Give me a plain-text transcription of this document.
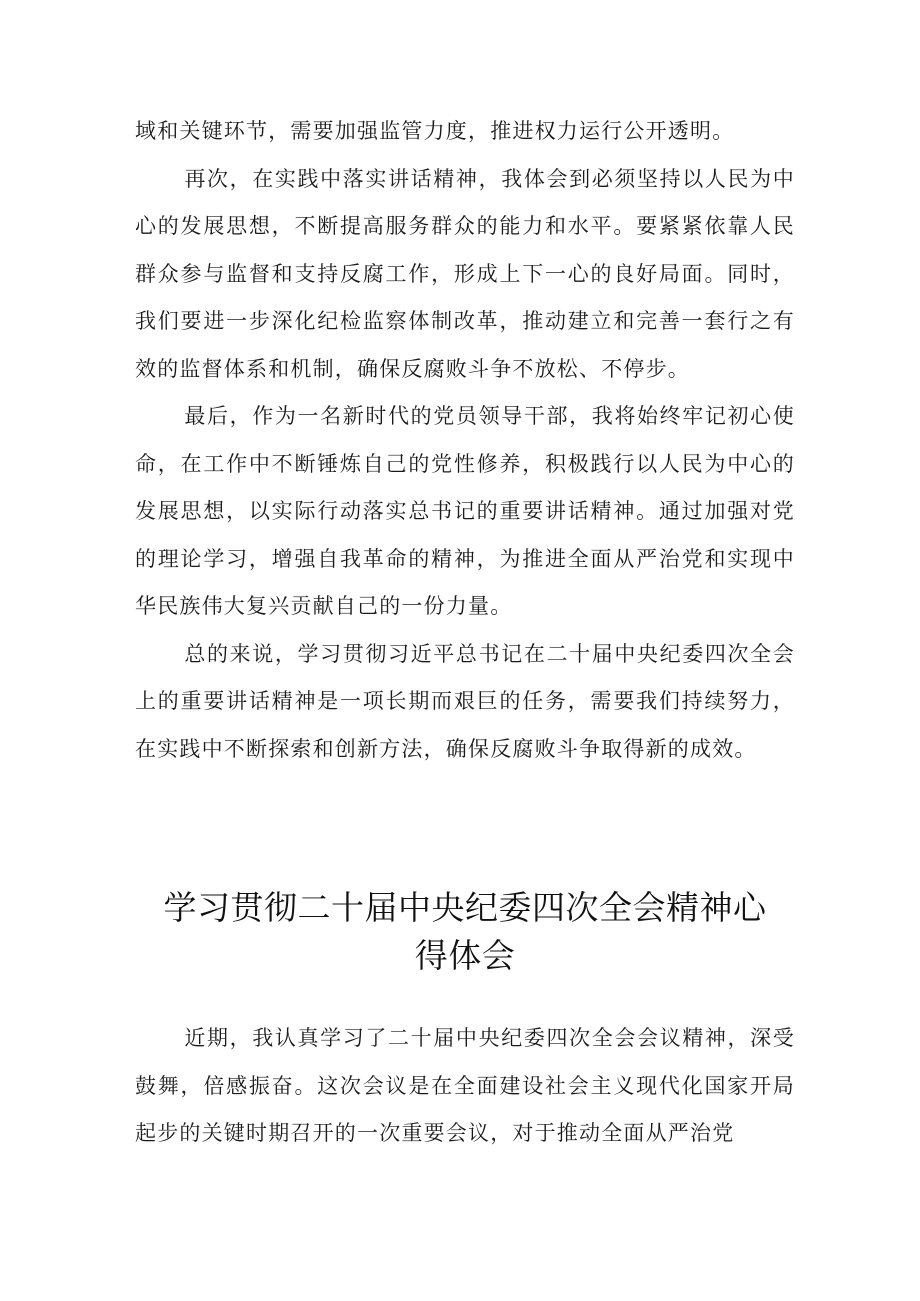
域和关键环节，需要加强监管力度，推进权力运行公开透明。

再次，在实践中落实讲话精神，我体会到必须坚持以人民为中心的发展思想，不断提高服务群众的能力和水平。要紧紧依靠人民群众参与监督和支持反腐工作，形成上下一心的良好局面。同时，我们要进一步深化纪检监察体制改革，推动建立和完善一套行之有效的监督体系和机制，确保反腐败斗争不放松、不停步。

最后，作为一名新时代的党员领导干部，我将始终牢记初心使命，在工作中不断锤炼自己的党性修养，积极践行以人民为中心的发展思想，以实际行动落实总书记的重要讲话精神。通过加强对党的理论学习，增强自我革命的精神，为推进全面从严治党和实现中华民族伟大复兴贡献自己的一份力量。

总的来说，学习贯彻习近平总书记在二十届中央纪委四次全会上的重要讲话精神是一项长期而艰巨的任务，需要我们持续努力，在实践中不断探索和创新方法，确保反腐败斗争取得新的成效。

学习贯彻二十届中央纪委四次全会精神心
得体会

近期，我认真学习了二十届中央纪委四次全会会议精神，深受鼓舞，倍感振奋。这次会议是在全面建设社会主义现代化国家开局起步的关键时期召开的一次重要会议，对于推动全面从严治党
